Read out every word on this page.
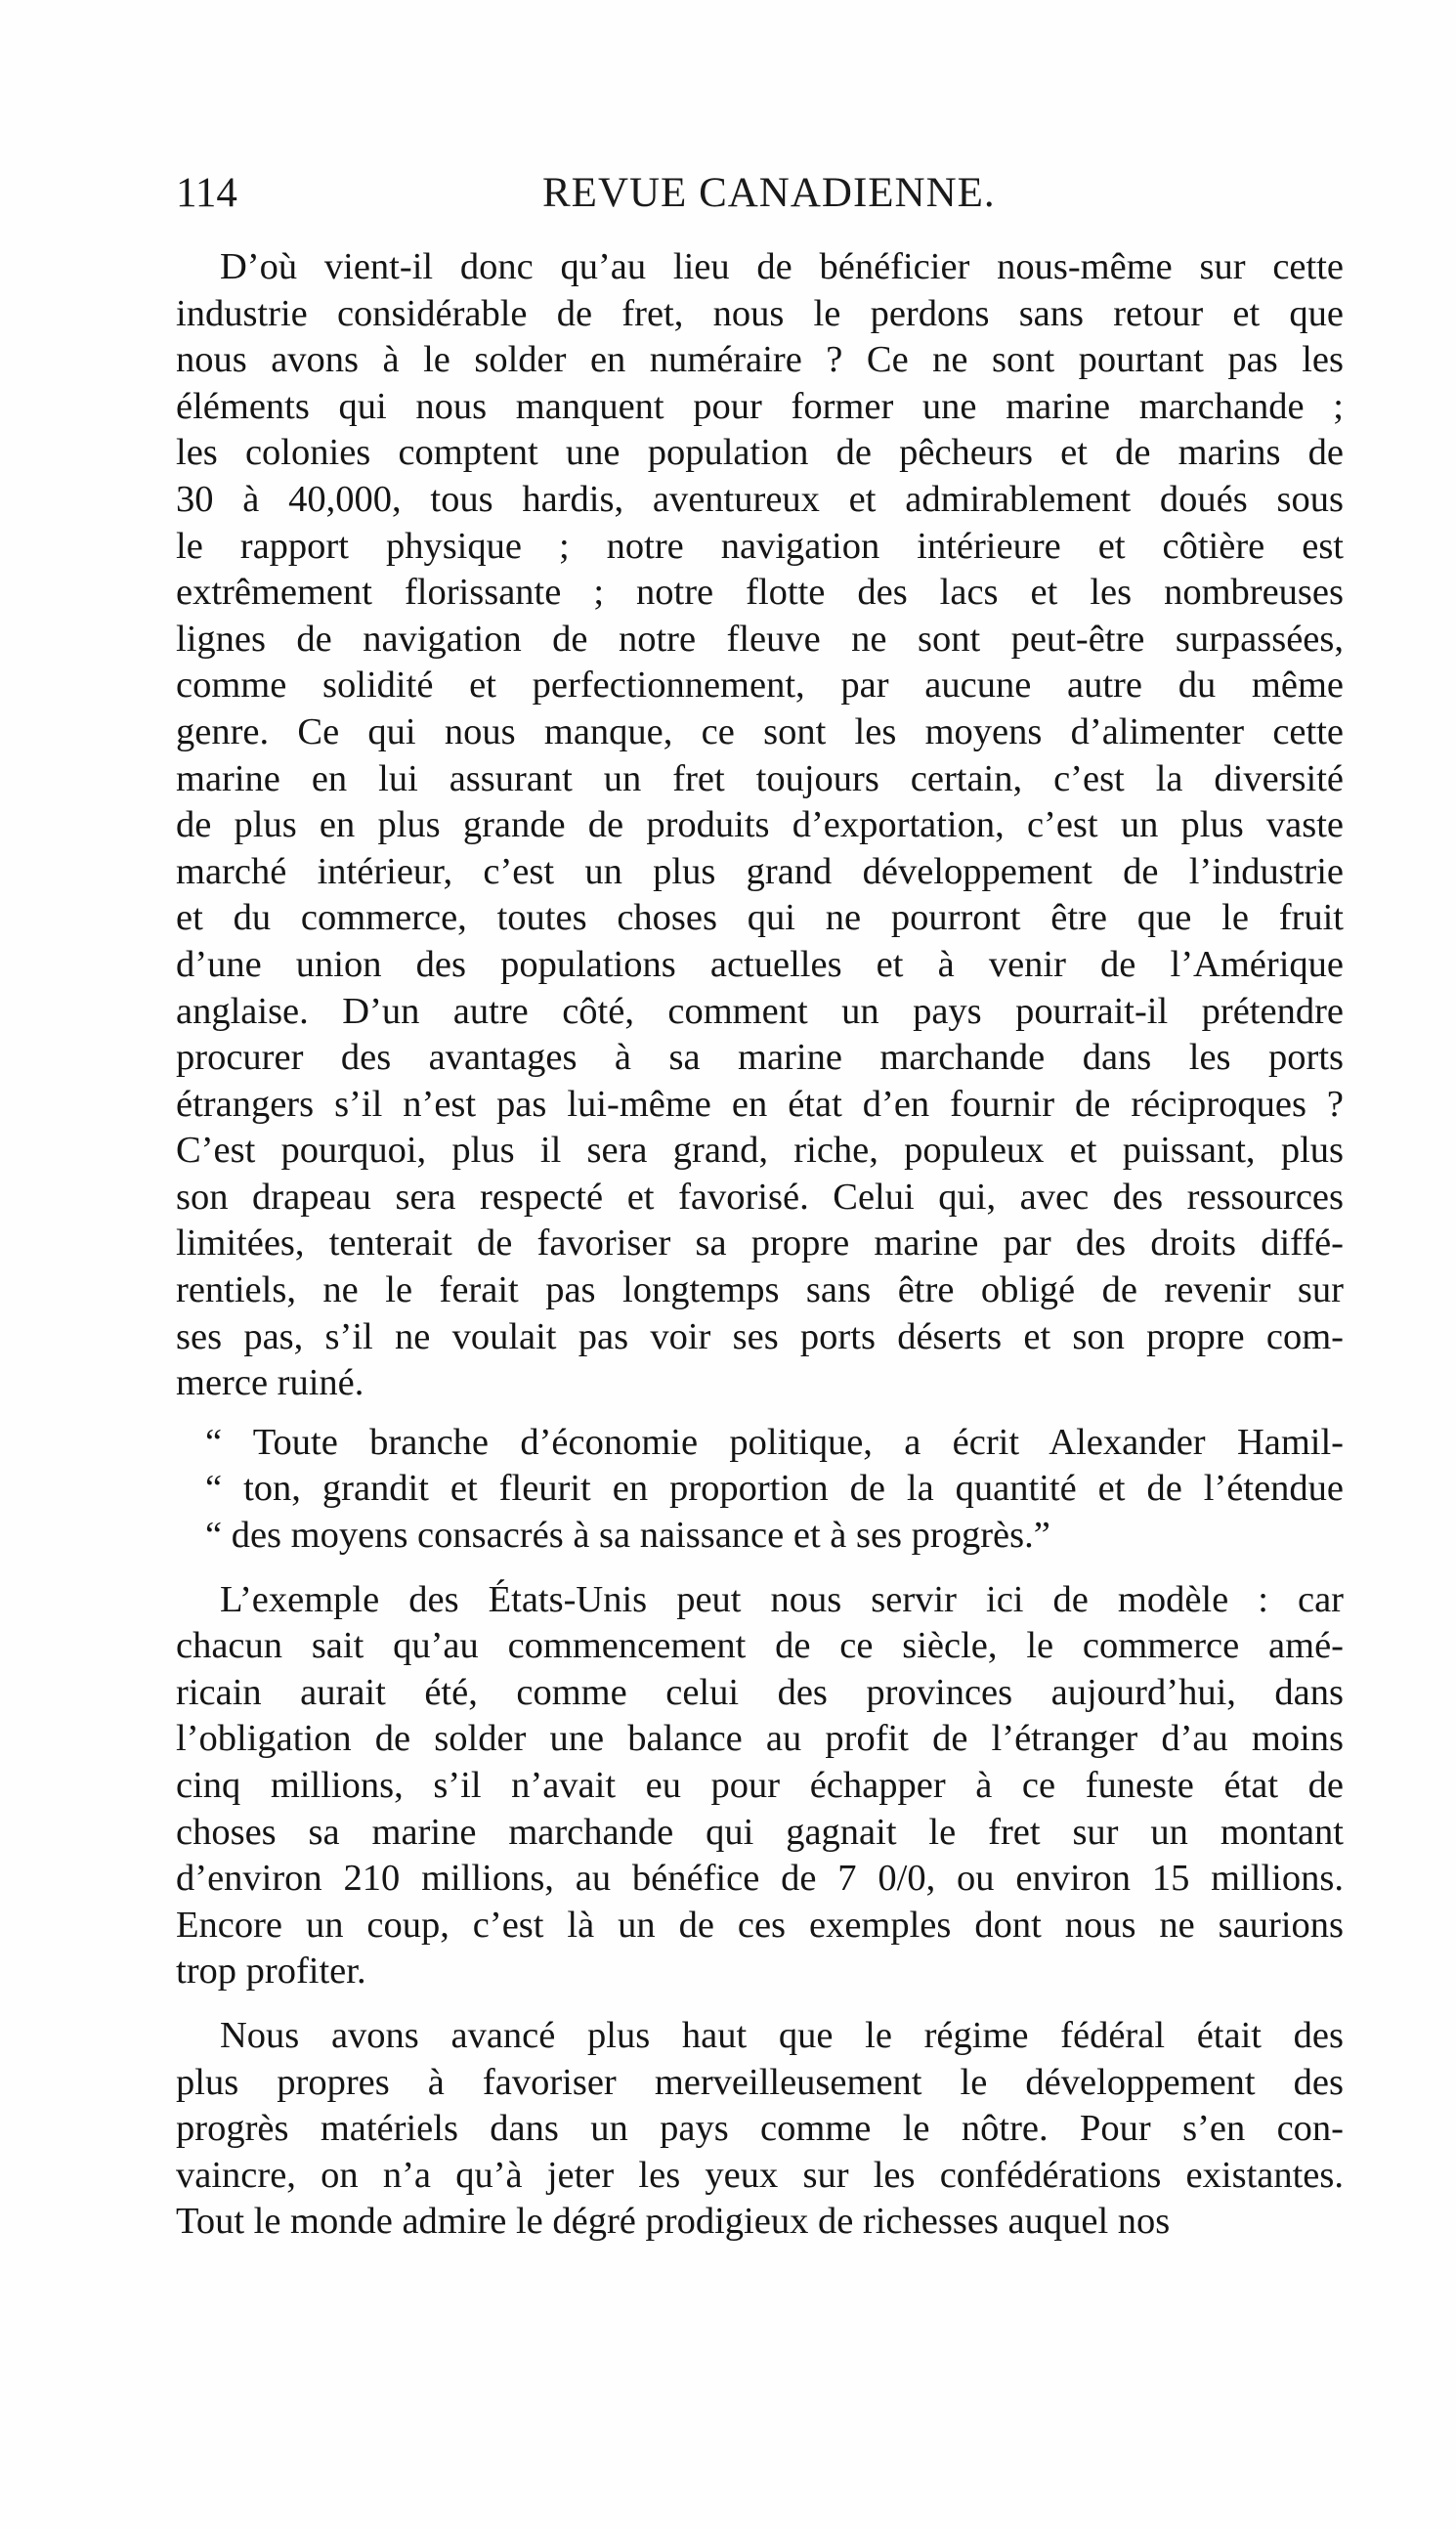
114	REVUE CANADIENNE.
D’où vient-il donc qu’au lieu de bénéficier nous-même sur cette
industrie considérable de fret, nous le perdons sans retour et que
nous avons à le solder en numéraire ? Ce ne sont pourtant pas les
éléments qui nous manquent pour former une marine marchande ;
les colonies comptent une population de pêcheurs et de marins de
30 à 40,000, tous hardis, aventureux et admirablement doués sous
le rapport physique ; notre navigation intérieure et côtière est
extrêmement florissante ; notre flotte des lacs et les nombreuses
lignes de navigation de notre fleuve ne sont peut-être surpassées,
comme solidité et perfectionnement, par aucune autre du même
genre. Ce qui nous manque, ce sont les moyens d’alimenter cette
marine en lui assurant un fret toujours certain, c’est la diversité
de plus en plus grande de produits d’exportation, c’est un plus vaste
marché intérieur, c’est un plus grand développement de l’industrie
et du commerce, toutes choses qui ne pourront être que le fruit
d’une union des populations actuelles et à venir de l’Amérique
anglaise. D’un autre côté, comment un pays pourrait-il prétendre
procurer des avantages à sa marine marchande dans les ports
étrangers s’il n’est pas lui-même en état d’en fournir de réciproques ?
C’est pourquoi, plus il sera grand, riche, populeux et puissant, plus
son drapeau sera respecté et favorisé. Celui qui, avec des ressources
limitées, tenterait de favoriser sa propre marine par des droits diffé-
rentiels, ne le ferait pas longtemps sans être obligé de revenir sur
ses pas, s’il ne voulait pas voir ses ports déserts et son propre com-
merce ruiné.
“ Toute branche d’économie politique, a écrit Alexander Hamil-
“ ton, grandit et fleurit en proportion de la quantité et de l’étendue
“ des moyens consacrés à sa naissance et à ses progrès.”
L’exemple des États-Unis peut nous servir ici de modèle : car
chacun sait qu’au commencement de ce siècle, le commerce amé-
ricain aurait été, comme celui des provinces aujourd’hui, dans
l’obligation de solder une balance au profit de l’étranger d’au moins
cinq millions, s’il n’avait eu pour échapper à ce funeste état de
choses sa marine marchande qui gagnait le fret sur un montant
d’environ 210 millions, au bénéfice de 7 0/0, ou environ 15 millions.
Encore un coup, c’est là un de ces exemples dont nous ne saurions
trop profiter.
Nous avons avancé plus haut que le régime fédéral était des
plus propres à favoriser merveilleusement le développement des
progrès matériels dans un pays comme le nôtre. Pour s’en con-
vaincre, on n’a qu’à jeter les yeux sur les confédérations existantes.
Tout le monde admire le dégré prodigieux de richesses auquel nos
